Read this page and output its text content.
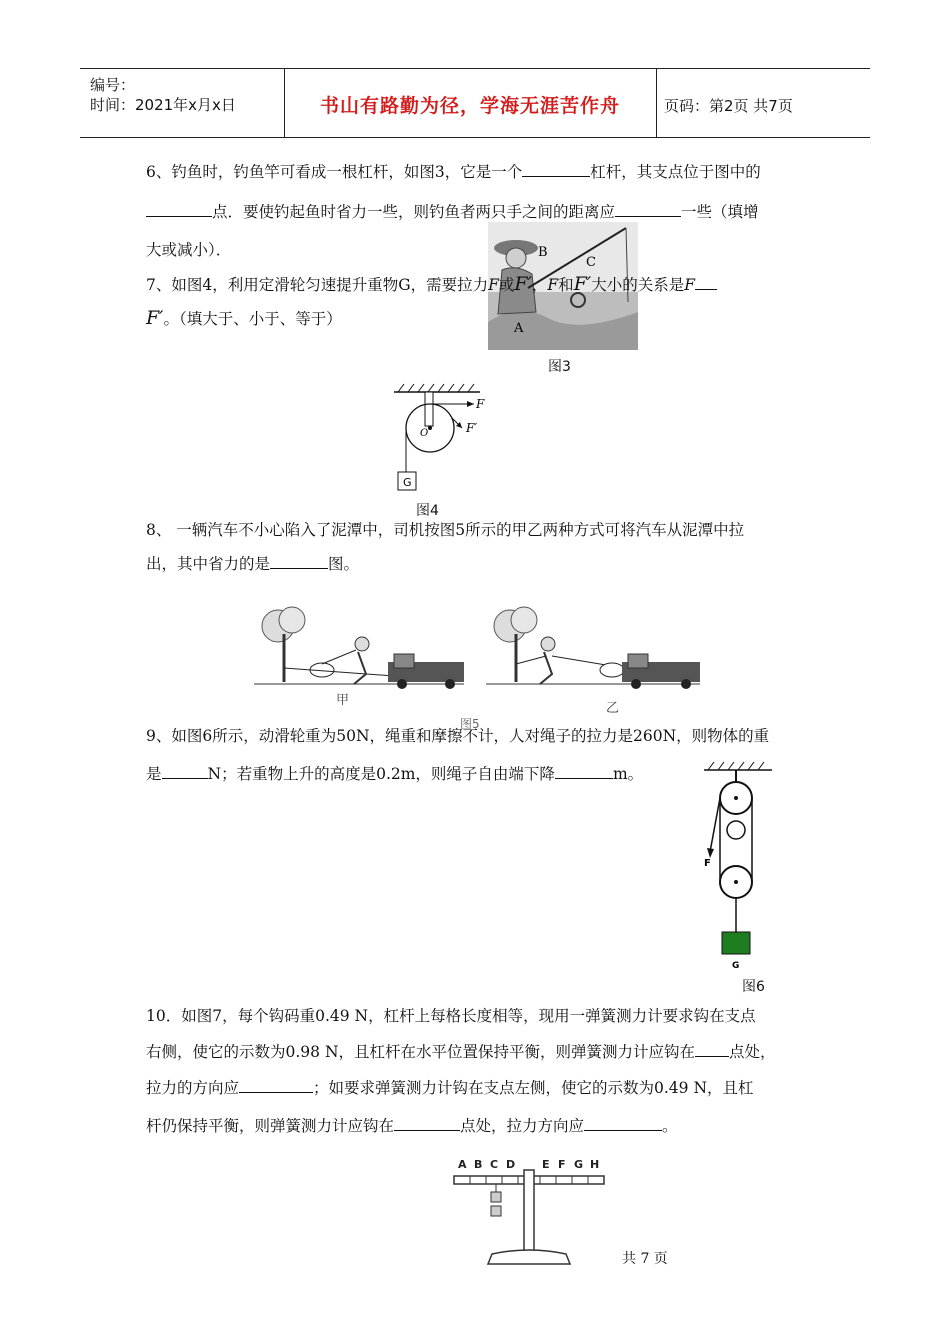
编号：
时间：2021年x月x日	书山有路勤为径，学海无涯苦作舟	页码：第2页 共7页
6、钓鱼时，钓鱼竿可看成一根杠杆，如图3，它是一个	杠杆，其支点位于图中的
点．要使钓起鱼时省力一些，则钓鱼者两只手之间的距离应	一些（填增
大或减小）．	B
C
A
7、如图4，利用定滑轮匀速提升重物G，需要拉力F或F′，F和F′大小的关系是F
F′。（填大于、小于、等于）
图3
F
F′
O
G
图4
8、 一辆汽车不小心陷入了泥潭中，司机按图5所示的甲乙两种方式可将汽车从泥潭中拉
出，其中省力的是	图。
甲
乙
图5
9、如图6所示，动滑轮重为50N，绳重和摩擦不计，人对绳子的拉力是260N，则物体的重
是	N；若重物上升的高度是0.2m，则绳子自由端下降	m。
F
G
图6
10．如图7，每个钩码重0.49 N，杠杆上每格长度相等，现用一弹簧测力计要求钩在支点
右侧，使它的示数为0.98 N，且杠杆在水平位置保持平衡，则弹簧测力计应钩在 点处，
拉力的方向应	；如要求弹簧测力计钩在支点左侧，使它的示数为0.49 N，且杠
杆仍保持平衡，则弹簧测力计应钩在	点处，拉力方向应	。
A B C D E F G H
共 7 页
